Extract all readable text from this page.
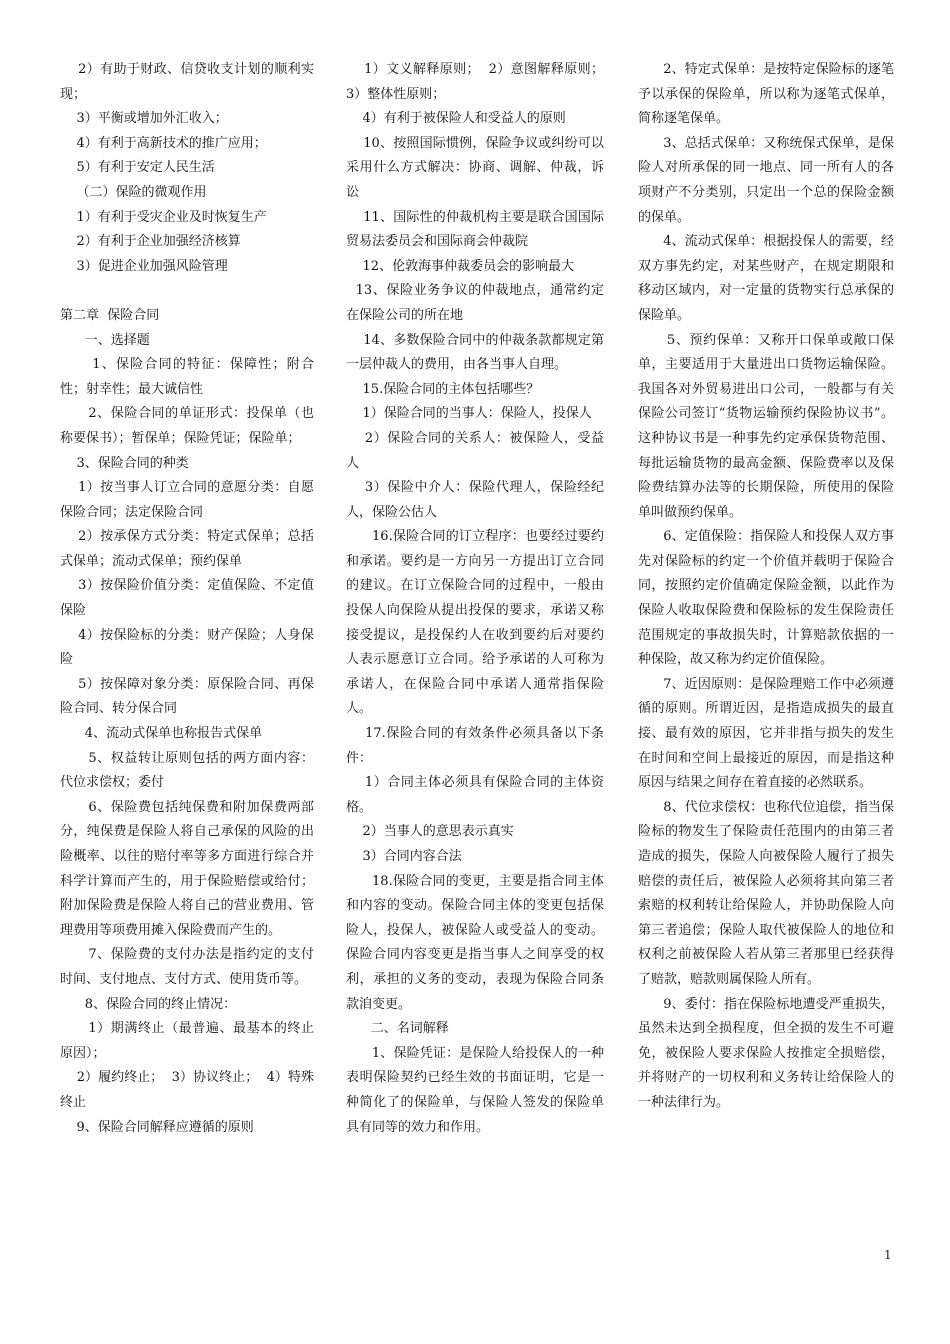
2）有助于财政、信贷收支计划的顺利实现；

3）平衡或增加外汇收入；

4）有利于高新技术的推广应用；

5）有利于安定人民生活

（二）保险的微观作用

1）有利于受灾企业及时恢复生产

2）有利于企业加强经济核算

3）促进企业加强风险管理

第二章  保险合同

一、选择题

1、保险合同的特征：保障性；附合性；射幸性；最大诚信性

2、保险合同的单证形式：投保单（也称要保书）；暂保单；保险凭证；保险单；

3、保险合同的种类

1）按当事人订立合同的意愿分类：自愿保险合同；法定保险合同

2）按承保方式分类：特定式保单；总括式保单；流动式保单；预约保单

3）按保险价值分类：定值保险、不定值保险

4）按保险标的分类：财产保险；人身保险

5）按保障对象分类：原保险合同、再保险合同、转分保合同

4、流动式保单也称报告式保单

5、权益转让原则包括的两方面内容：代位求偿权；委付

6、保险费包括纯保费和附加保费两部分，纯保费是保险人将自己承保的风险的出险概率、以往的赔付率等多方面进行综合并科学计算而产生的，用于保险赔偿或给付；附加保险费是保险人将自己的营业费用、管理费用等项费用摊入保险费而产生的。

7、保险费的支付办法是指约定的支付时间、支付地点、支付方式、使用货币等。

8、保险合同的终止情况：

1）期满终止（最普遍、最基本的终止原因）；

2）履约终止；  3）协议终止；  4）特殊终止

9、保险合同解释应遵循的原则

1）文义解释原则；  2）意图解释原则；  3）整体性原则；

4）有利于被保险人和受益人的原则

10、按照国际惯例，保险争议或纠纷可以采用什么方式解决：协商、调解、仲裁，诉讼

11、国际性的仲裁机构主要是联合国国际贸易法委员会和国际商会仲裁院

12、伦敦海事仲裁委员会的影响最大

13、保险业务争议的仲裁地点，通常约定在保险公司的所在地

14、多数保险合同中的仲裁条款都规定第一层仲裁人的费用，由各当事人自理。

15.保险合同的主体包括哪些？

1）保险合同的当事人：保险人，投保人

2）保险合同的关系人：被保险人，受益人

3）保险中介人：保险代理人，保险经纪人，保险公估人

16.保险合同的订立程序：也要经过要约和承诺。要约是一方向另一方提出订立合同的建议。在订立保险合同的过程中，一般由投保人向保险从提出投保的要求，承诺又称接受提议，是投保约人在收到要约后对要约人表示愿意订立合同。给予承诺的人可称为承诺人，在保险合同中承诺人通常指保险人。

17.保险合同的有效条件必须具备以下条件：

1）合同主体必须具有保险合同的主体资格。

2）当事人的意思表示真实

3）合同内容合法

18.保险合同的变更，主要是指合同主体和内容的变动。保险合同主体的变更包括保险人，投保人，被保险人或受益人的变动。保险合同内容变更是指当事人之间享受的权利，承担的义务的变动，表现为保险合同条款洎变更。

二、名词解释

1、保险凭证：是保险人给投保人的一种表明保险契约已经生效的书面证明，它是一种简化了的保险单，与保险人签发的保险单具有同等的效力和作用。

2、特定式保单：是按特定保险标的逐笔予以承保的保险单，所以称为逐笔式保单，简称逐笔保单。

3、总括式保单：又称统保式保单，是保险人对所承保的同一地点、同一所有人的各项财产不分类别，只定出一个总的保险金额的保单。

4、流动式保单：根据投保人的需要，经双方事先约定，对某些财产，在规定期限和移动区域内，对一定量的货物实行总承保的保险单。

5、预约保单：又称开口保单或敞口保单，主要适用于大量进出口货物运输保险。我国各对外贸易进出口公司，一般都与有关保险公司签订“货物运输预约保险协议书”。这种协议书是一种事先约定承保货物范围、每批运输货物的最高金额、保险费率以及保险费结算办法等的长期保险，所使用的保险单叫做预约保单。

6、定值保险：指保险人和投保人双方事先对保险标的约定一个价值并载明于保险合同，按照约定价值确定保险金额，以此作为保险人收取保险费和保险标的发生保险责任范围规定的事故损失时，计算赔款依据的一种保险，故又称为约定价值保险。

7、近因原则：是保险理赔工作中必须遵循的原则。所谓近因，是指造成损失的最直接、最有效的原因，它并非指与损失的发生在时间和空间上最接近的原因，而是指这种原因与结果之间存在着直接的必然联系。

8、代位求偿权：也称代位追偿，指当保险标的物发生了保险责任范围内的由第三者造成的损失，保险人向被保险人履行了损失赔偿的责任后，被保险人必须将其向第三者索赔的权利转让给保险人，并协助保险人向第三者追偿；保险人取代被保险人的地位和权利之前被保险人若从第三者那里已经获得了赔款，赔款则属保险人所有。

9、委付：指在保险标地遭受严重损失，虽然未达到全损程度，但全损的发生不可避免，被保险人要求保险人按推定全损赔偿，并将财产的一切权利和义务转让给保险人的一种法律行为。

1
